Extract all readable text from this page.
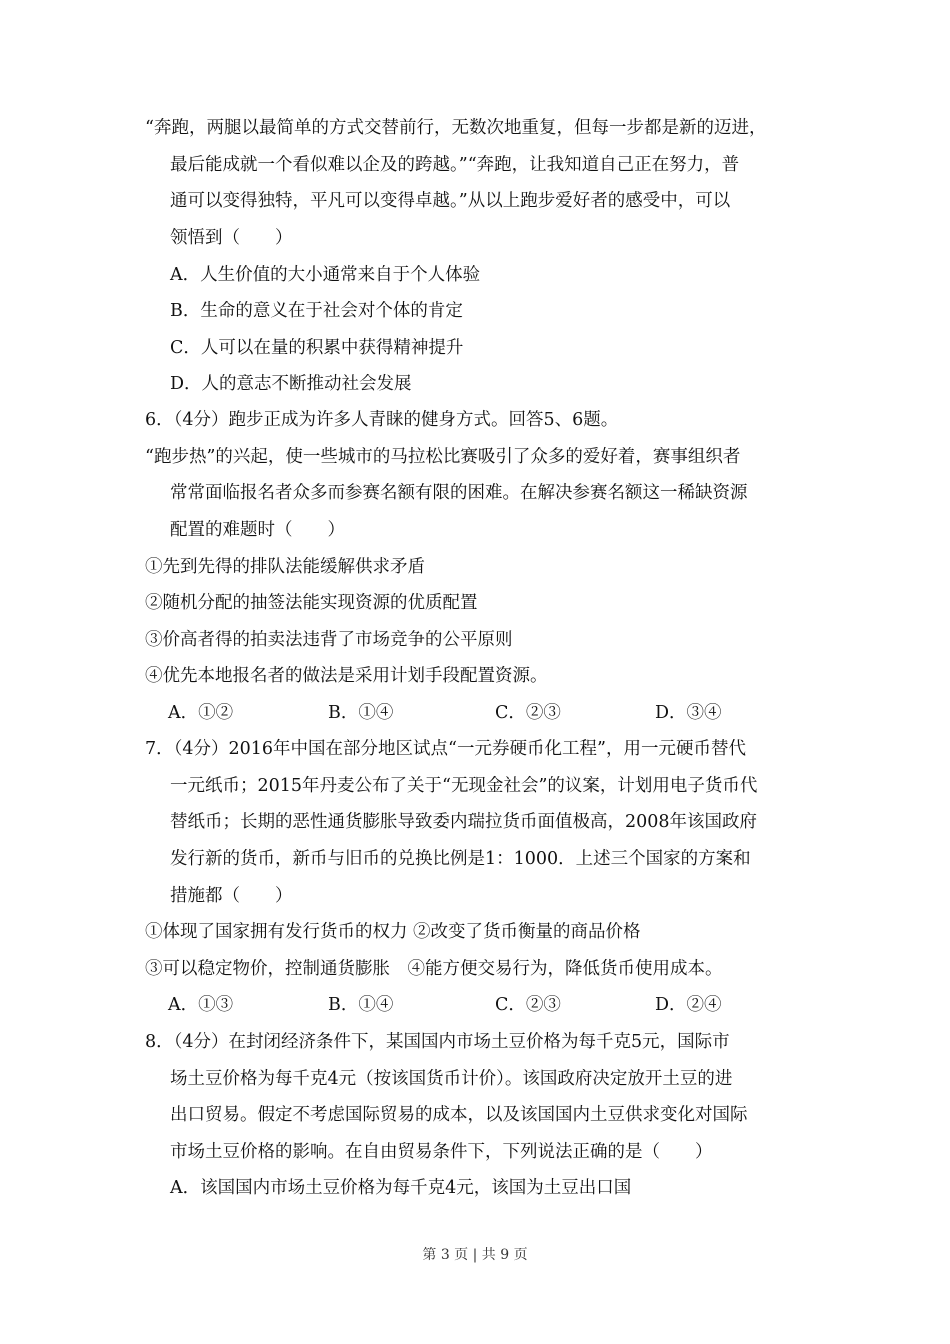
“奔跑，两腿以最简单的方式交替前行，无数次地重复，但每一步都是新的迈进，
最后能成就一个看似难以企及的跨越。”“奔跑，让我知道自己正在努力，普
通可以变得独特，平凡可以变得卓越。”从以上跑步爱好者的感受中，可以
领悟到（　　）
A．人生价值的大小通常来自于个人体验
B．生命的意义在于社会对个体的肯定
C．人可以在量的积累中获得精神提升
D．人的意志不断推动社会发展
6．（4分）跑步正成为许多人青睐的健身方式。回答5、6题。
“跑步热”的兴起，使一些城市的马拉松比赛吸引了众多的爱好着，赛事组织者
常常面临报名者众多而参赛名额有限的困难。在解决参赛名额这一稀缺资源
配置的难题时（　　）
①先到先得的排队法能缓解供求矛盾
②随机分配的抽签法能实现资源的优质配置
③价高者得的拍卖法违背了市场竞争的公平原则
④优先本地报名者的做法是采用计划手段配置资源。
A．①②	B．①④	C．②③	D．③④
7．（4分）2016年中国在部分地区试点“一元券硬币化工程”，用一元硬币替代
一元纸币；2015年丹麦公布了关于“无现金社会”的议案，计划用电子货币代
替纸币；长期的恶性通货膨胀导致委内瑞拉货币面值极高，2008年该国政府
发行新的货币，新币与旧币的兑换比例是1：1000．上述三个国家的方案和
措施都（　　）
①体现了国家拥有发行货币的权力 ②改变了货币衡量的商品价格
③可以稳定物价，控制通货膨胀　④能方便交易行为，降低货币使用成本。
A．①③	B．①④	C．②③	D．②④
8．（4分）在封闭经济条件下，某国国内市场土豆价格为每千克5元，国际市
场土豆价格为每千克4元（按该国货币计价）。该国政府决定放开土豆的进
出口贸易。假定不考虑国际贸易的成本，以及该国国内土豆供求变化对国际
市场土豆价格的影响。在自由贸易条件下，下列说法正确的是（　　）
A．该国国内市场土豆价格为每千克4元，该国为土豆出口国
第 3 页 | 共 9 页
